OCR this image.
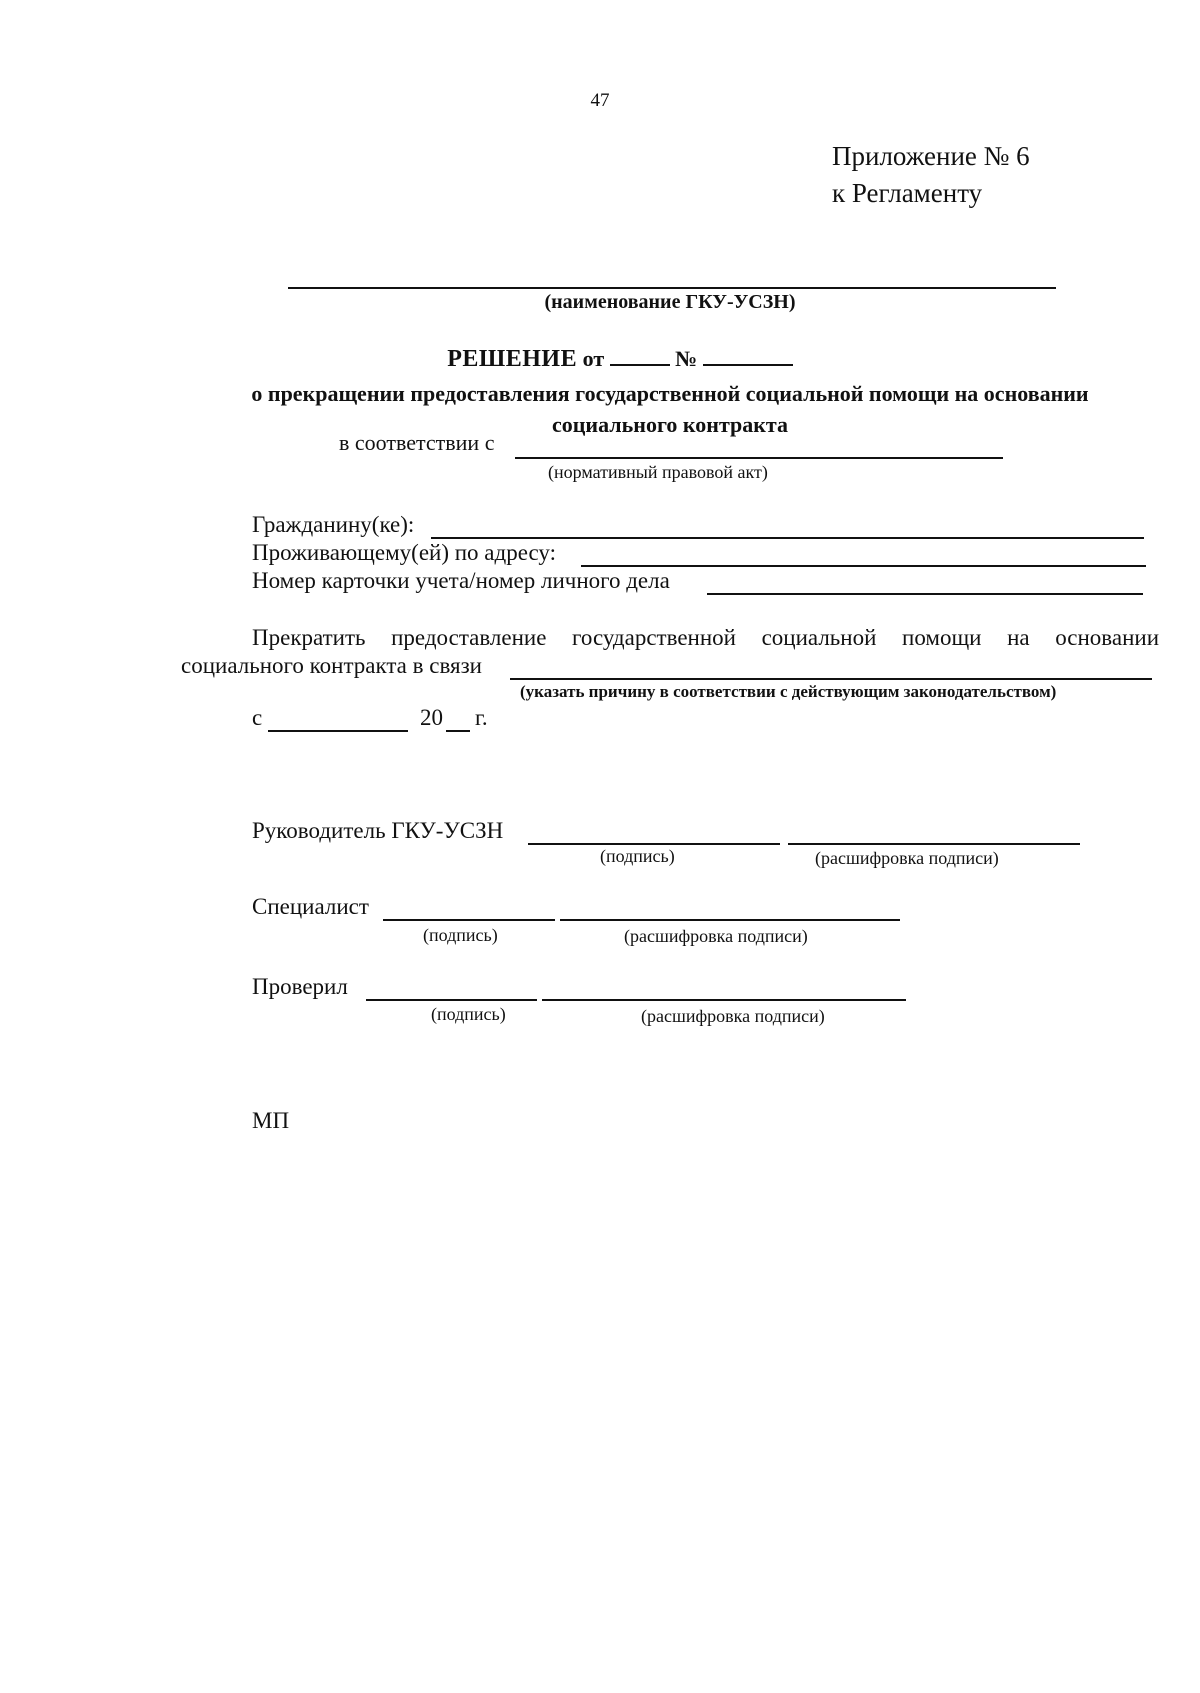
47
Приложение № 6
к Регламенту
(наименование ГКУ-УСЗН)
РЕШЕНИЕ от	№
о прекращении предоставления государственной социальной помощи на основании
социального контракта
в соответствии с
(нормативный правовой акт)
Гражданину(ке):
Проживающему(ей) по адресу:
Номер карточки учета/номер личного дела
Прекратить предоставление государственной социальной помощи на основании
социального контракта в связи
(указать причину в соответствии с действующим законодательством)
с	20 г.
Руководитель ГКУ-УСЗН
(подпись)	(расшифровка подписи)
Специалист
(подпись)	(расшифровка подписи)
Проверил
(подпись)	(расшифровка подписи)
МП
